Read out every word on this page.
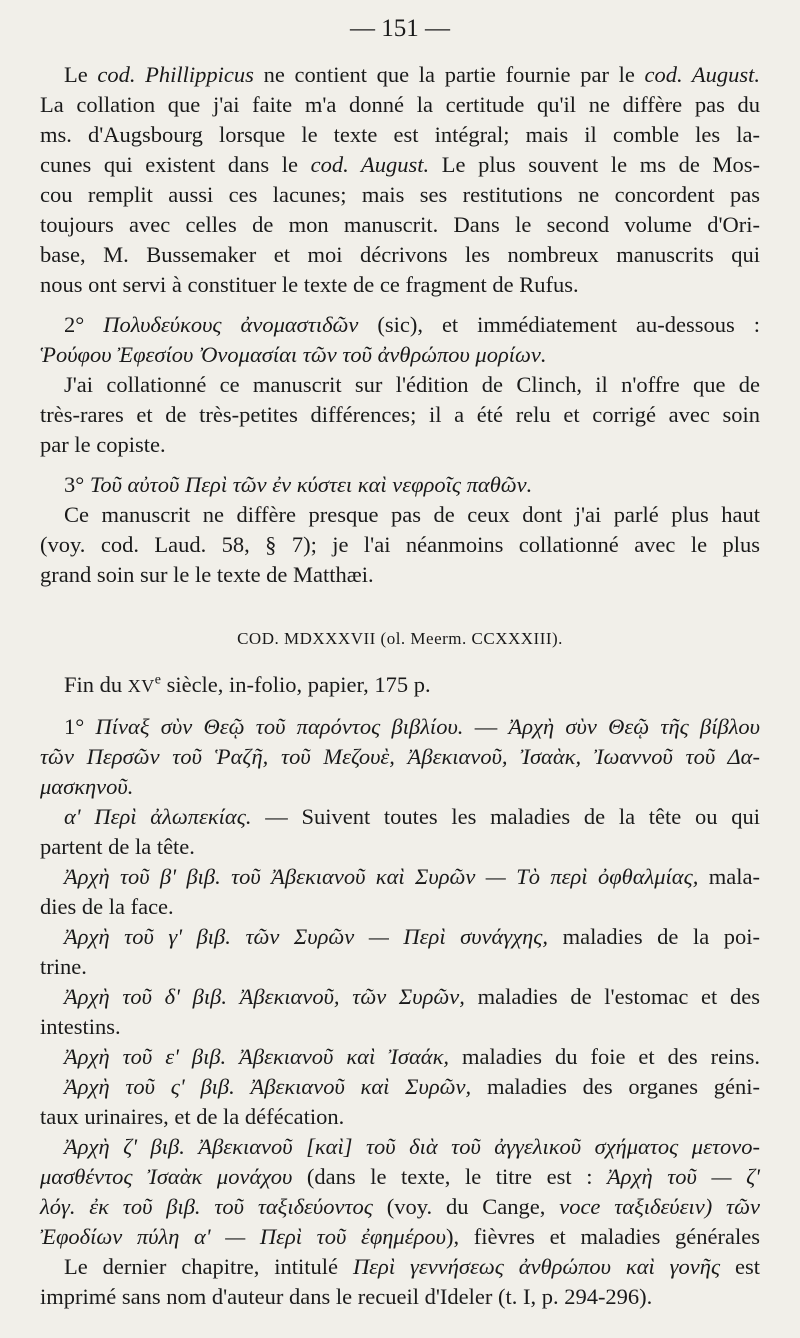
— 151 —
Le cod. Phillippicus ne contient que la partie fournie par le cod. August.
La collation que j'ai faite m'a donné la certitude qu'il ne diffère pas du
ms. d'Augsbourg lorsque le texte est intégral; mais il comble les la-
cunes qui existent dans le cod. August. Le plus souvent le ms de Mos-
cou remplit aussi ces lacunes; mais ses restitutions ne concordent pas
toujours avec celles de mon manuscrit. Dans le second volume d'Ori-
base, M. Bussemaker et moi décrivons les nombreux manuscrits qui
nous ont servi à constituer le texte de ce fragment de Rufus.
2° Πολυδεύκους ἀνομαστιδῶν (sic), et immédiatement au-dessous :
Ῥούφου Ἐφεσίου Ὀνομασίαι τῶν τοῦ ἀνθρώπου μορίων.
J'ai collationné ce manuscrit sur l'édition de Clinch, il n'offre que de
très-rares et de très-petites différences; il a été relu et corrigé avec soin
par le copiste.
3° Τοῦ αὐτοῦ Περὶ τῶν ἐν κύστει καὶ νεφροῖς παθῶν.
Ce manuscrit ne diffère presque pas de ceux dont j'ai parlé plus haut
(voy. cod. Laud. 58, § 7); je l'ai néanmoins collationné avec le plus
grand soin sur le le texte de Matthæi.
COD. MDXXXVII (ol. Meerm. CCXXXIII).
Fin du XVe siècle, in-folio, papier, 175 p.
1° Πίναξ σὺν Θεῷ τοῦ παρόντος βιβλίου. — Ἀρχὴ σὺν Θεῷ τῆς βίβλου
τῶν Περσῶν τοῦ Ῥαζῆ, τοῦ Μεζουὲ, Ἀβεκιανοῦ, Ἰσαὰκ, Ἰωαννοῦ τοῦ Δα-
μασκηνοῦ.
α' Περὶ ἀλωπεκίας. — Suivent toutes les maladies de la tête ou qui
partent de la tête.
Ἀρχὴ τοῦ β' βιβ. τοῦ Ἀβεκιανοῦ καὶ Συρῶν — Τὸ περὶ ὀφθαλμίας, mala-
dies de la face.
Ἀρχὴ τοῦ γ' βιβ. τῶν Συρῶν — Περὶ συνάγχης, maladies de la poi-
trine.
Ἀρχὴ τοῦ δ' βιβ. Ἀβεκιανοῦ, τῶν Συρῶν, maladies de l'estomac et des
intestins.
Ἀρχὴ τοῦ ε' βιβ. Ἀβεκιανοῦ καὶ Ἰσαάκ, maladies du foie et des reins.
Ἀρχὴ τοῦ ς' βιβ. Ἀβεκιανοῦ καὶ Συρῶν, maladies des organes géni-
taux urinaires, et de la défécation.
Ἀρχὴ ζ' βιβ. Ἀβεκιανοῦ [καὶ] τοῦ διὰ τοῦ ἀγγελικοῦ σχήματος μετονο-
μασθέντος Ἰσαὰκ μονάχου (dans le texte, le titre est : Ἀρχὴ τοῦ — ζ'
λόγ. ἐκ τοῦ βιβ. τοῦ ταξιδεύοντος (voy. du Cange, voce ταξιδεύειν) τῶν
Ἐφοδίων πύλη α' — Περὶ τοῦ ἐφημέρου), fièvres et maladies générales
Le dernier chapitre, intitulé Περὶ γεννήσεως ἀνθρώπου καὶ γονῆς est
imprimé sans nom d'auteur dans le recueil d'Ideler (t. I, p. 294-296).
